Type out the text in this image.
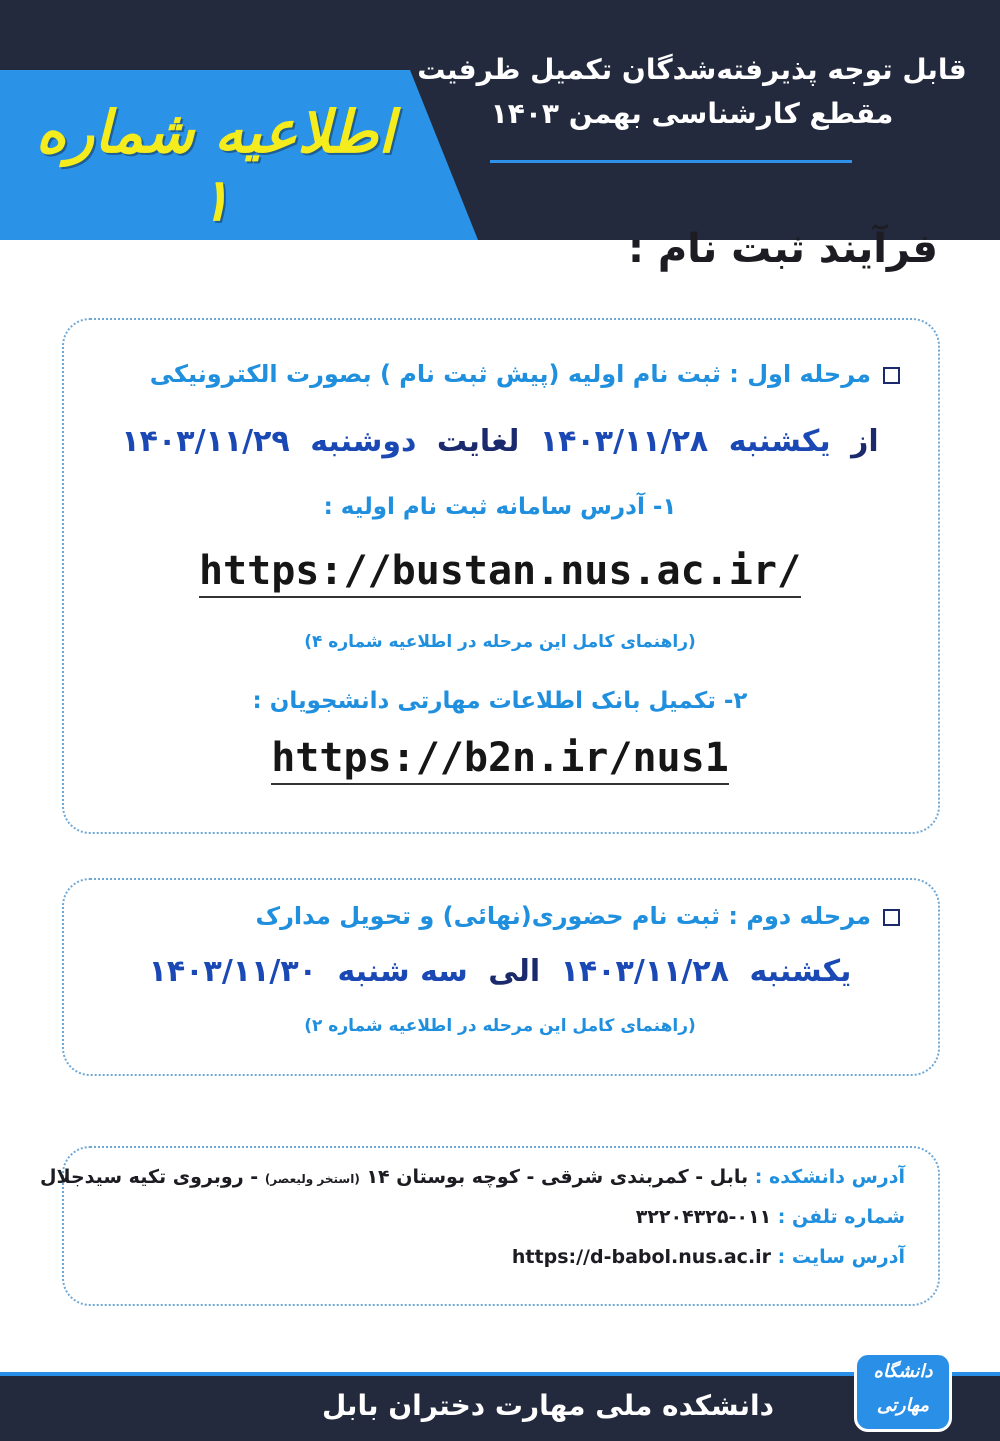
اطلاعیه شماره ۱
قابل توجه پذیرفته‌شدگان تکمیل ظرفیت
مقطع کارشناسی بهمن ۱۴۰۳
فرآیند ثبت نام :
مرحله اول : ثبت نام اولیه (پیش ثبت نام ) بصورت الکترونیکی
از یکشنبه ۱۴۰۳/۱۱/۲۸ لغایت دوشنبه ۱۴۰۳/۱۱/۲۹
۱- آدرس سامانه ثبت نام اولیه :
https://bustan.nus.ac.ir/
(راهنمای کامل این مرحله در اطلاعیه شماره ۴)
۲- تکمیل بانک اطلاعات مهارتی دانشجویان :
https://b2n.ir/nus1
مرحله دوم : ثبت نام حضوری(نهائی) و تحویل مدارک
یکشنبه ۱۴۰۳/۱۱/۲۸ الی سه شنبه ۱۴۰۳/۱۱/۳۰
(راهنمای کامل این مرحله در اطلاعیه شماره ۲)
آدرس دانشکده : بابل - کمربندی شرقی - کوچه بوستان ۱۴ (استخر ولیعصر) - روبروی تکیه سیدجلال
شماره تلفن : ۰۱۱-۳۲۲۰۴۳۲۵
آدرس سایت : https://d-babol.nus.ac.ir
دانشکده ملی مهارت دختران بابل
دانشگاه
مهارتی
